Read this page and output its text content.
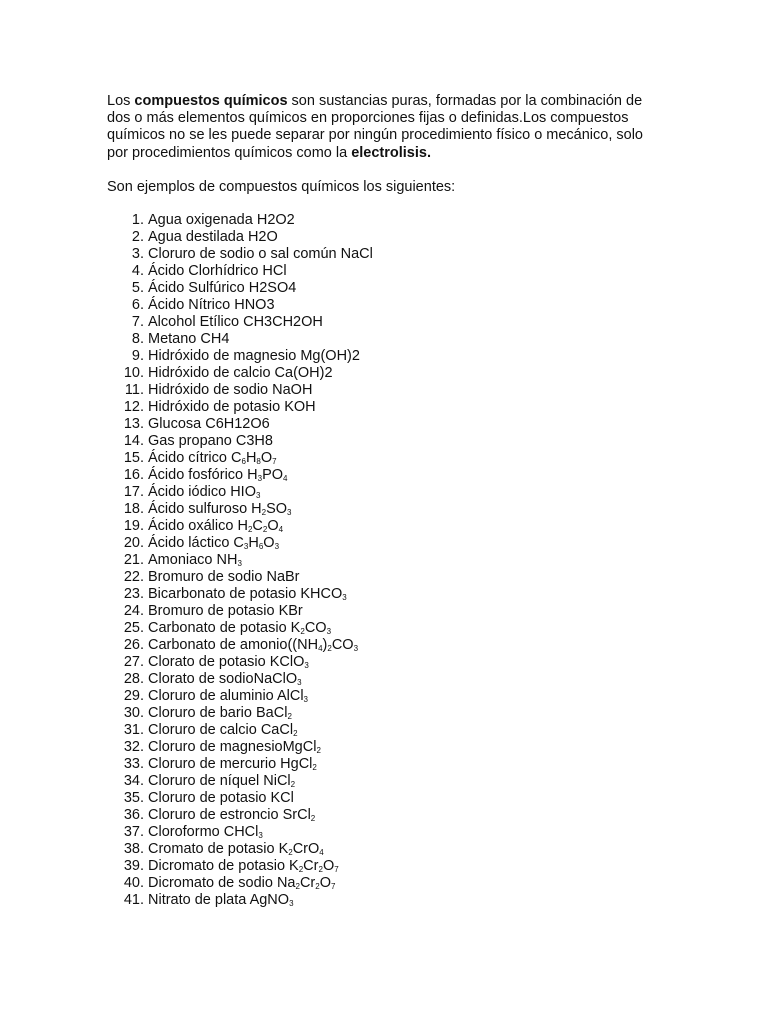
Los compuestos químicos son sustancias puras, formadas por la combinación de dos o más elementos químicos en proporciones fijas o definidas.Los compuestos químicos no se les puede separar por ningún procedimiento físico o mecánico, solo por procedimientos químicos como la electrolisis.

Son ejemplos de compuestos químicos los siguientes:

1. Agua oxigenada H2O2
2. Agua destilada H2O
3. Cloruro de sodio o sal común NaCl
4. Ácido Clorhídrico HCl
5. Ácido Sulfúrico H2SO4
6. Ácido Nítrico HNO3
7. Alcohol Etílico CH3CH2OH
8. Metano CH4
9. Hidróxido de magnesio Mg(OH)2
10. Hidróxido de calcio Ca(OH)2
11. Hidróxido de sodio NaOH
12. Hidróxido de potasio KOH
13. Glucosa C6H12O6
14. Gas propano C3H8
15. Ácido cítrico $C_6H_8O_7$
16. Ácido fosfórico $H_3PO_4$
17. Ácido iódico $HIO_3$
18. Ácido sulfuroso $H_2SO_3$
19. Ácido oxálico $H_2C_2O_4$
20. Ácido láctico $C_3H_6O_3$
21. Amoniaco $NH_3$
22. Bromuro de sodio NaBr
23. Bicarbonato de potasio $KHCO_3$
24. Bromuro de potasio KBr
25. Carbonato de potasio $K_2CO_3$
26. Carbonato de $amonio((NH_4)_2CO_3$
27. Clorato de potasio KClO$_3$
28. Clorato de sodioNaClO$_3$
29. Cloruro de aluminio AlCl$_3$
30. Cloruro de bario BaCl$_2$
31. Cloruro de calcio CaCl$_2$
32. Cloruro de magnesioMgCl$_2$
33. Cloruro de mercurio HgCl$_2$
34. Cloruro de níquel NiCl$_2$
35. Cloruro de potasio KCl
36. Cloruro de estroncio SrCl$_2$
37. Cloroformo CHCl$_3$
38. Cromato de potasio $K_2CrO_4$
39. Dicromato de potasio $K_2Cr_2O_7$
40. Dicromato de sodio $Na_2Cr_2O_7$
41. Nitrato de plata AgNO$_3$
